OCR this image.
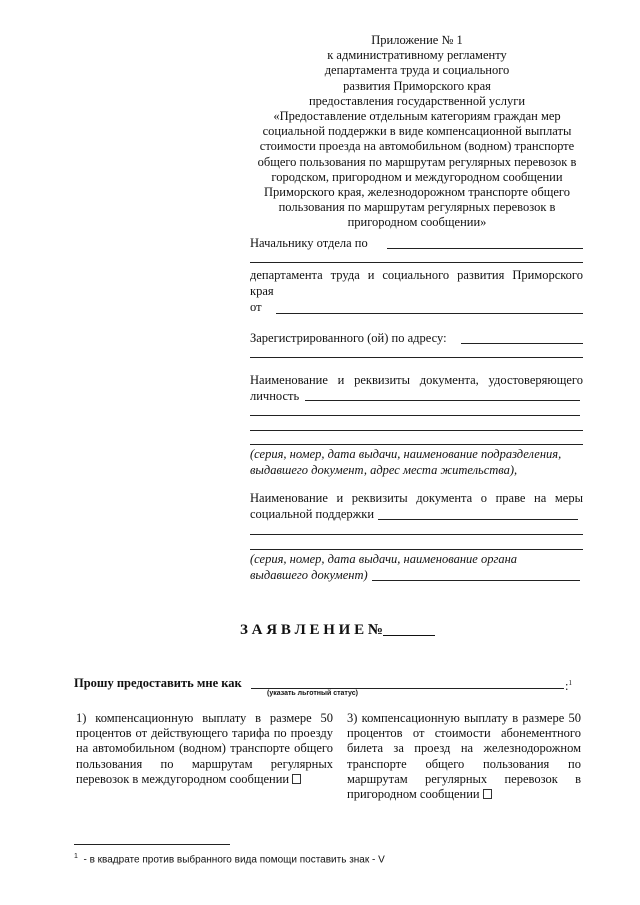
Приложение № 1
к административному регламенту
департамента труда и социального
развития Приморского края
предоставления государственной услуги
«Предоставление отдельным категориям граждан мер
социальной поддержки в виде компенсационной выплаты
стоимости проезда на автомобильном (водном) транспорте
общего пользования по маршрутам регулярных перевозок в
городском, пригородном и междугородном сообщении
Приморского края, железнодорожном транспорте общего
пользования по маршрутам регулярных перевозок в
пригородном сообщении»
Начальнику отдела по
департамента труда и социального развития Приморского
края
от
Зарегистрированного (ой) по адресу:
Наименование и реквизиты документа, удостоверяющего
личность
(серия, номер, дата выдачи, наименование подразделения,
выдавшего документ, адрес места жительства),
Наименование и реквизиты документа о праве на меры
социальной поддержки
(серия, номер, дата выдачи, наименование органа
выдавшего документ)
З А Я В Л Е Н И Е №
Прошу предоставить мне как	:$^1$
(указать льготный статус)
1) компенсационную выплату в размере 50 процентов от действующего тарифа по проезду на автомобильном (водном) транспорте общего пользования по маршрутам регулярных перевозок в междугородном сообщении
3) компенсационную выплату в размере 50 процентов от стоимости абонементного билета за проезд на железнодорожном транспорте общего пользования по маршрутам регулярных перевозок в пригородном сообщении
$^1$ - в квадрате против выбранного вида помощи поставить знак - V
